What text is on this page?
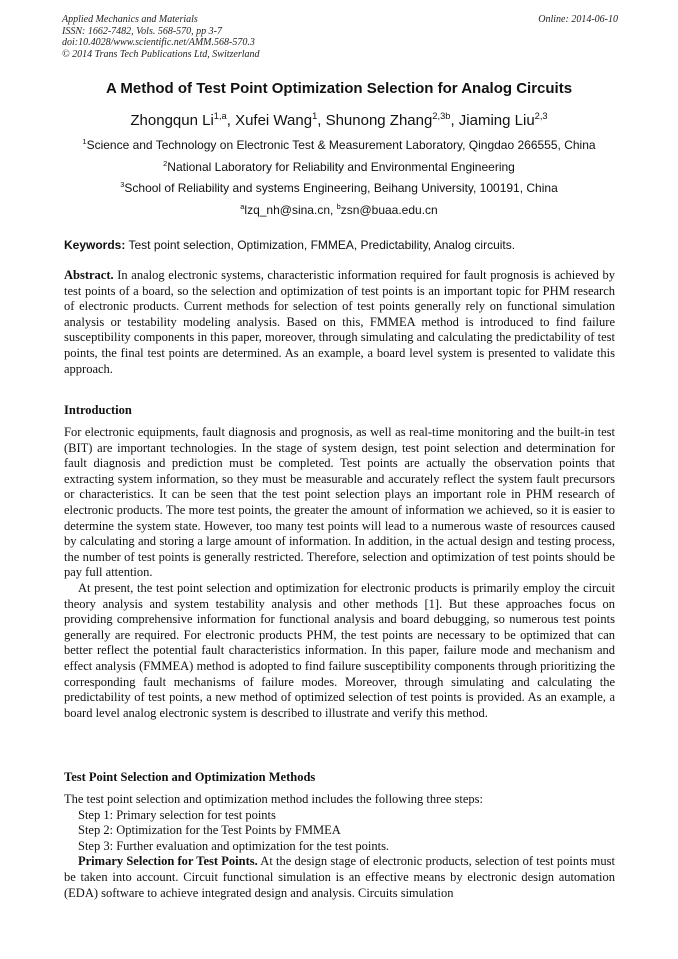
Applied Mechanics and Materials
ISSN: 1662-7482, Vols. 568-570, pp 3-7
doi:10.4028/www.scientific.net/AMM.568-570.3
© 2014 Trans Tech Publications Ltd, Switzerland
Online: 2014-06-10
A Method of Test Point Optimization Selection for Analog Circuits
Zhongqun Li$^{1,a}$, Xufei Wang$^1$, Shunong Zhang$^{2,3b}$, Jiaming Liu$^{2,3}$
$^1$Science and Technology on Electronic Test & Measurement Laboratory, Qingdao 266555, China
$^2$National Laboratory for Reliability and Environmental Engineering
$^3$School of Reliability and systems Engineering, Beihang University, 100191, China
$^a$lzq_nh@sina.cn, $^b$zsn@buaa.edu.cn
Keywords: Test point selection, Optimization, FMMEA, Predictability, Analog circuits.

Abstract. In analog electronic systems, characteristic information required for fault prognosis is achieved by test points of a board, so the selection and optimization of test points is an important topic for PHM research of electronic products. Current methods for selection of test points generally rely on functional simulation analysis or testability modeling analysis. Based on this, FMMEA method is introduced to find failure susceptibility components in this paper, moreover, through simulating and calculating the predictability of test points, the final test points are determined. As an example, a board level system is presented to validate this approach.

Introduction

For electronic equipments, fault diagnosis and prognosis, as well as real-time monitoring and the built-in test (BIT) are important technologies. In the stage of system design, test point selection and determination for fault diagnosis and prediction must be completed. Test points are actually the observation points that extracting system information, so they must be measurable and accurately reflect the system fault precursors or characteristics. It can be seen that the test point selection plays an important role in PHM research of electronic products. The more test points, the greater the amount of information we achieved, so it is easier to determine the system state. However, too many test points will lead to a numerous waste of resources caused by calculating and storing a large amount of information. In addition, in the actual design and testing process, the number of test points is generally restricted. Therefore, selection and optimization of test points should be pay full attention.

At present, the test point selection and optimization for electronic products is primarily employ the circuit theory analysis and system testability analysis and other methods [1]. But these approaches focus on providing comprehensive information for functional analysis and board debugging, so numerous test points generally are required. For electronic products PHM, the test points are necessary to be optimized that can better reflect the potential fault characteristics information. In this paper, failure mode and mechanism and effect analysis (FMMEA) method is adopted to find failure susceptibility components through prioritizing the corresponding fault mechanisms of failure modes. Moreover, through simulating and calculating the predictability of test points, a new method of optimized selection of test points is provided. As an example, a board level analog electronic system is described to illustrate and verify this method.

Test Point Selection and Optimization Methods

The test point selection and optimization method includes the following three steps:

Step 1: Primary selection for test points

Step 2: Optimization for the Test Points by FMMEA

Step 3: Further evaluation and optimization for the test points.

Primary Selection for Test Points. At the design stage of electronic products, selection of test points must be taken into account. Circuit functional simulation is an effective means by electronic design automation (EDA) software to achieve integrated design and analysis. Circuits simulation
